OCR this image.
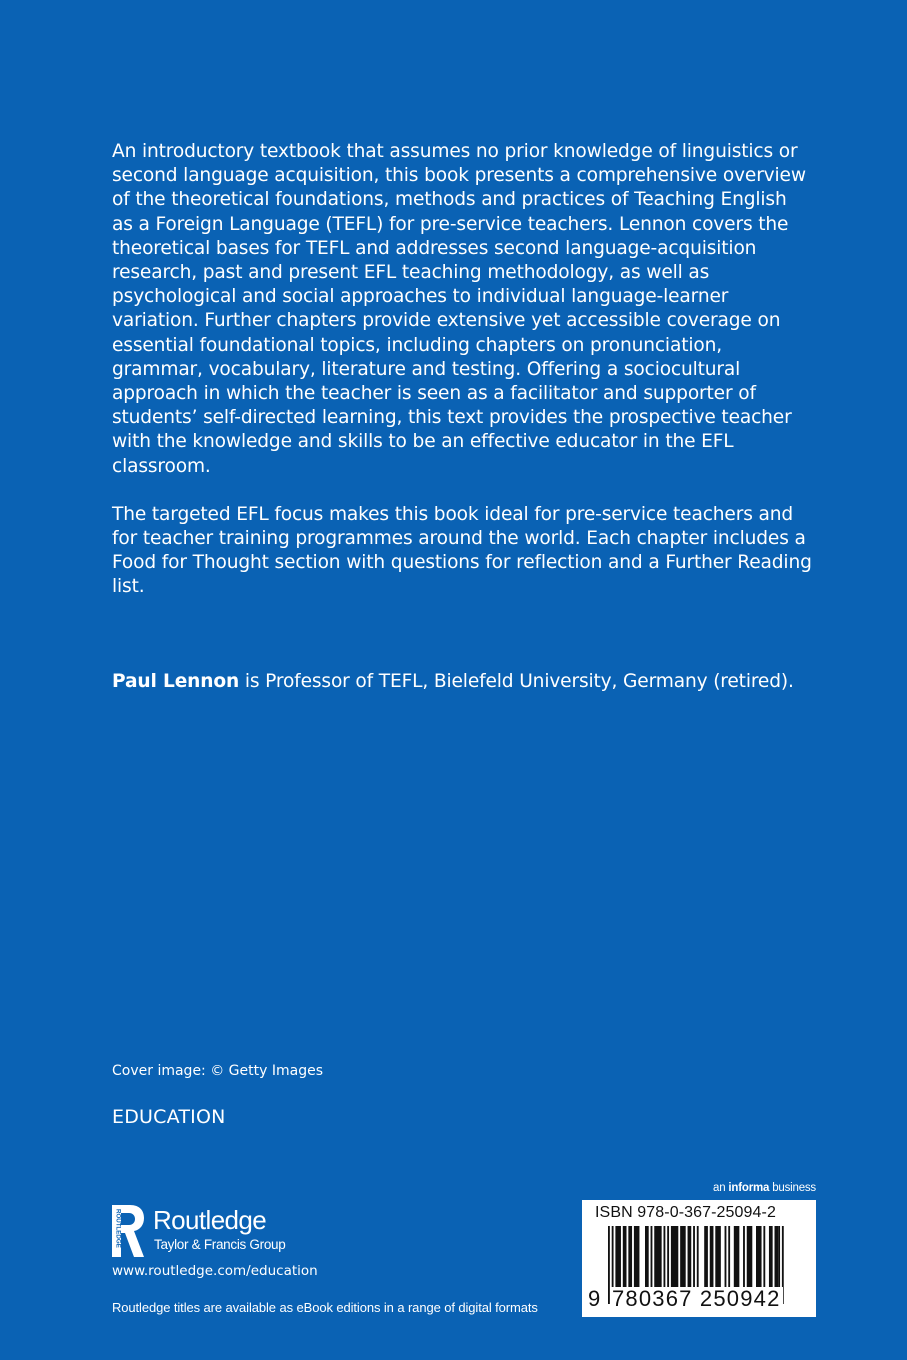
An introductory textbook that assumes no prior knowledge of linguistics or second language acquisition, this book presents a comprehensive overview of the theoretical foundations, methods and practices of Teaching English as a Foreign Language (TEFL) for pre-service teachers. Lennon covers the theoretical bases for TEFL and addresses second language-acquisition research, past and present EFL teaching methodology, as well as psychological and social approaches to individual language-learner variation. Further chapters provide extensive yet accessible coverage on essential foundational topics, including chapters on pronunciation, grammar, vocabulary, literature and testing. Offering a sociocultural approach in which the teacher is seen as a facilitator and supporter of students’ self-directed learning, this text provides the prospective teacher with the knowledge and skills to be an effective educator in the EFL classroom.

The targeted EFL focus makes this book ideal for pre-service teachers and for teacher training programmes around the world. Each chapter includes a Food for Thought section with questions for reflection and a Further Reading list.

Paul Lennon is Professor of TEFL, Bielefeld University, Germany (retired).
Cover image: © Getty Images
EDUCATION
ROUTLEDGE Routledge
Taylor & Francis Group
www.routledge.com/education
Routledge titles are available as eBook editions in a range of digital formats
an informa business
ISBN 978-0-367-25094-2
9 780367 250942
